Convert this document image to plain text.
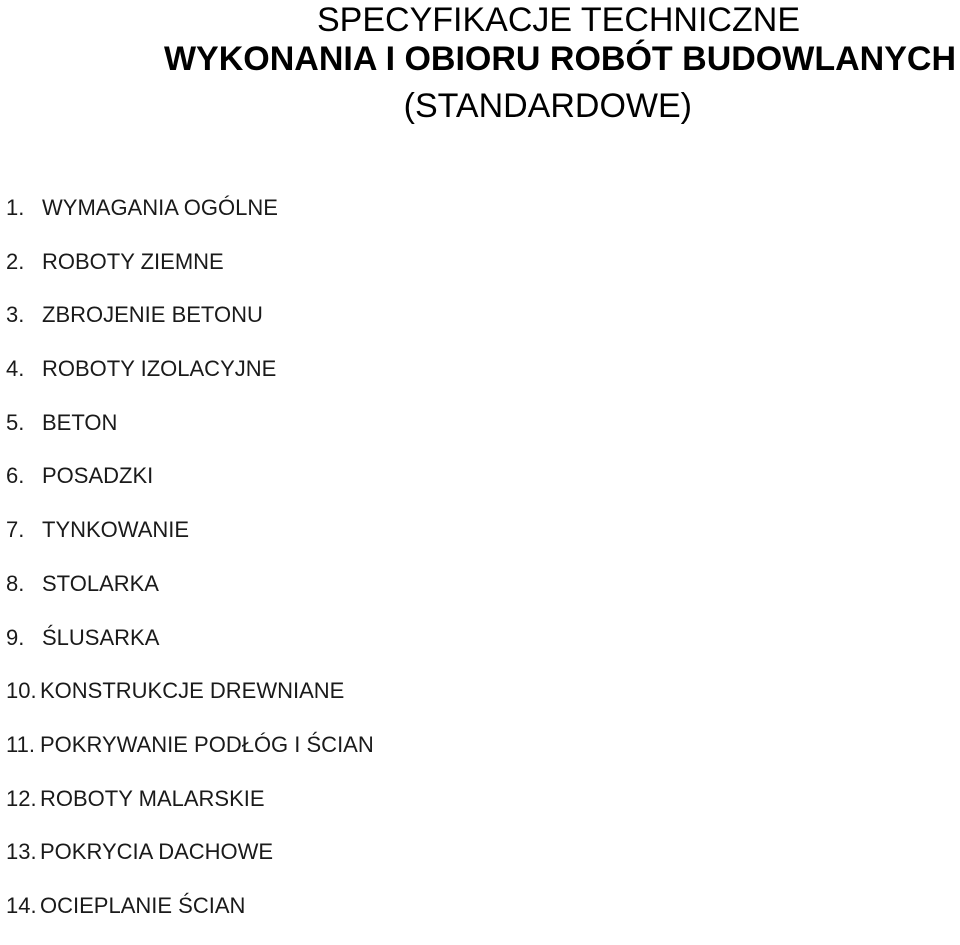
SPECYFIKACJE TECHNICZNE
WYKONANIA I OBIORU ROBÓT BUDOWLANYCH
(STANDARDOWE)
1. WYMAGANIA OGÓLNE
2. ROBOTY ZIEMNE
3. ZBROJENIE BETONU
4. ROBOTY IZOLACYJNE
5. BETON
6. POSADZKI
7. TYNKOWANIE
8. STOLARKA
9. ŚLUSARKA
10. KONSTRUKCJE DREWNIANE
11. POKRYWANIE PODŁÓG I ŚCIAN
12. ROBOTY MALARSKIE
13. POKRYCIA DACHOWE
14. OCIEPLANIE ŚCIAN
